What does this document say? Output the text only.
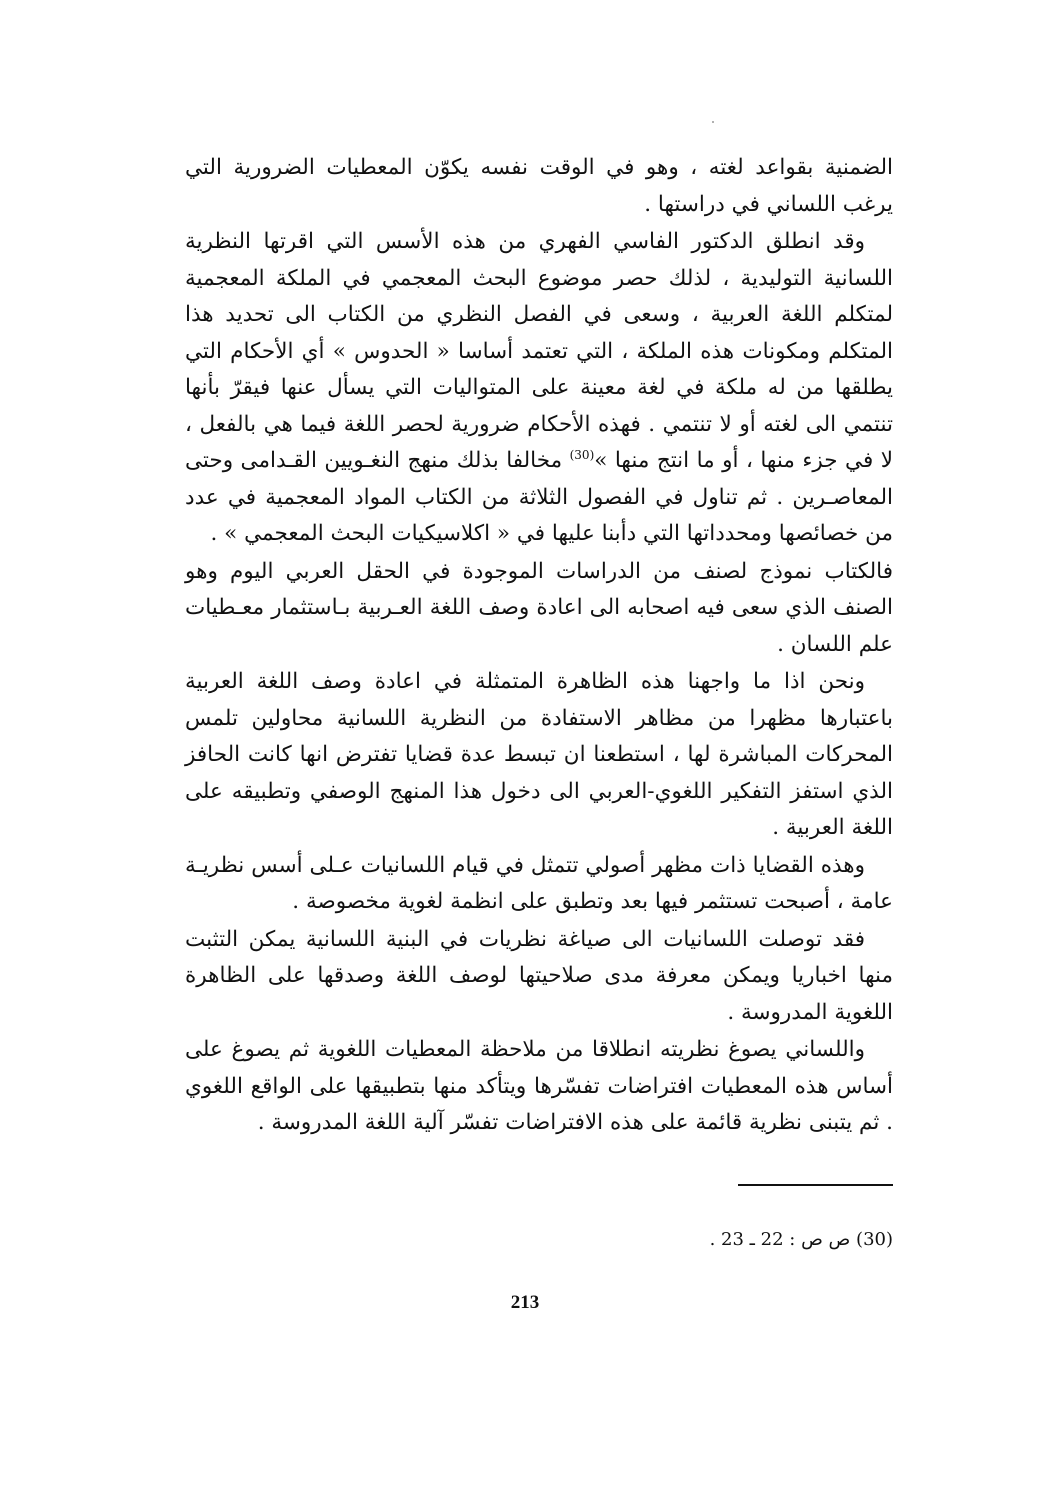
الضمنية بقواعد لغته ، وهو في الوقت نفسه يكوّن المعطيات الضرورية التي يرغب اللساني في دراستها .

وقد انطلق الدكتور الفاسي الفهري من هذه الأسس التي اقرتها النظرية اللسانية التوليدية ، لذلك حصر موضوع البحث المعجمي في الملكة المعجمية لمتكلم اللغة العربية ، وسعى في الفصل النظري من الكتاب الى تحديد هذا المتكلم ومكونات هذه الملكة ، التي تعتمد أساسا « الحدوس » أي الأحكام التي يطلقها من له ملكة في لغة معينة على المتواليات التي يسأل عنها فيقرّ بأنها تنتمي الى لغته أو لا تنتمي . فهذه الأحكام ضرورية لحصر اللغة فيما هي بالفعل ، لا في جزء منها ، أو ما انتج منها »$^{(30)}$ مخالفا بذلك منهج النغـويين القـدامى وحتى المعاصـرين . ثم تناول في الفصول الثلاثة من الكتاب المواد المعجمية في عدد من خصائصها ومحدداتها التي دأبنا عليها في « اكلاسيكيات البحث المعجمي » .

فالكتاب نموذج لصنف من الدراسات الموجودة في الحقل العربي اليوم وهو الصنف الذي سعى فيه اصحابه الى اعادة وصف اللغة العـربية بـاستثمار معـطيات علم اللسان .

ونحن اذا ما واجهنا هذه الظاهرة المتمثلة في اعادة وصف اللغة العربية باعتبارها مظهرا من مظاهر الاستفادة من النظرية اللسانية محاولين تلمس المحركات المباشرة لها ، استطعنا ان تبسط عدة قضايا تفترض انها كانت الحافز الذي استفز التفكير اللغوي-العربي الى دخول هذا المنهج الوصفي وتطبيقه على اللغة العربية .

وهذه القضايا ذات مظهر أصولي تتمثل في قيام اللسانيات عـلى أسس نظريـة عامة ، أصبحت تستثمر فيها بعد وتطبق على انظمة لغوية مخصوصة .

فقد توصلت اللسانيات الى صياغة نظريات في البنية اللسانية يمكن التثبت منها اخباريا ويمكن معرفة مدى صلاحيتها لوصف اللغة وصدقها على الظاهرة اللغوية المدروسة .

واللساني يصوغ نظريته انطلاقا من ملاحظة المعطيات اللغوية ثم يصوغ على أساس هذه المعطيات افتراضات تفسّرها ويتأكد منها بتطبيقها على الواقع اللغوي . ثم يتبنى نظرية قائمة على هذه الافتراضات تفسّر آلية اللغة المدروسة .

(30) ص ص : 22 ـ 23 .
213
